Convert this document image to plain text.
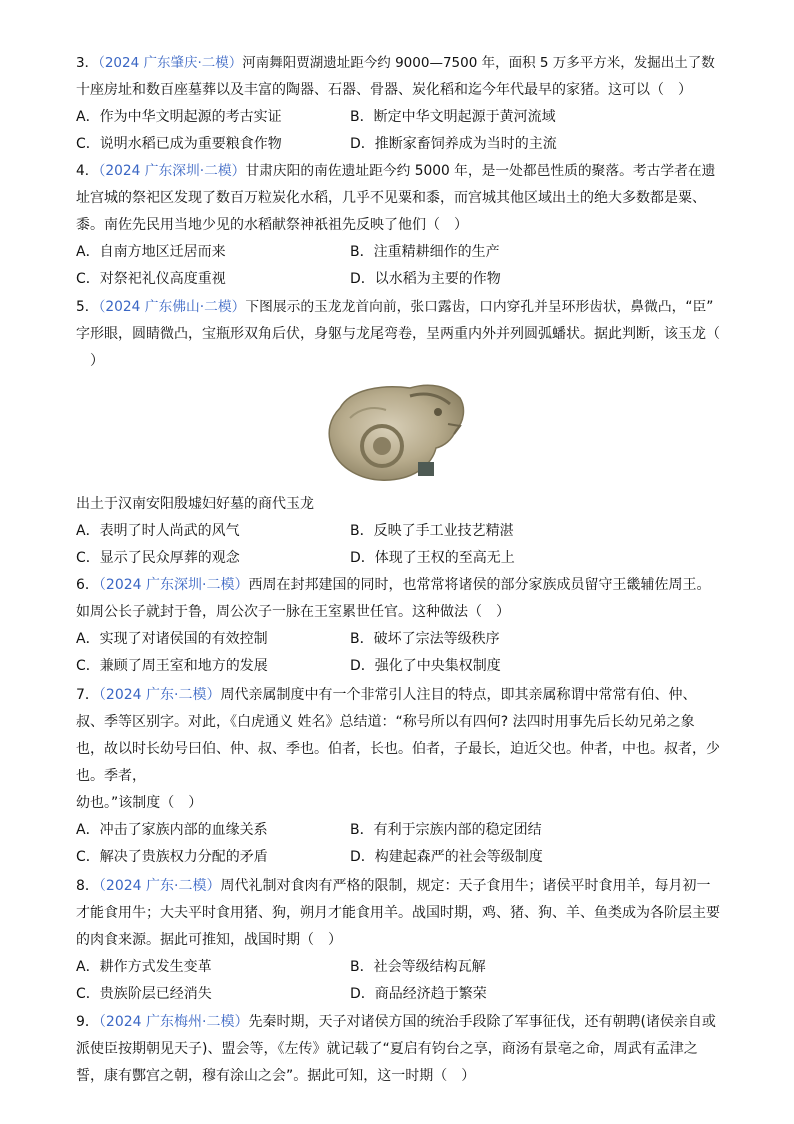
3．（2024 广东肇庆·二模）河南舞阳贾湖遗址距今约 9000—7500 年，面积 5 万多平方米，发掘出土了数
十座房址和数百座墓葬以及丰富的陶器、石器、骨器、炭化稻和迄今年代最早的家猪。这可以（　）
A．作为中华文明起源的考古实证	B．断定中华文明起源于黄河流域
C．说明水稻已成为重要粮食作物	D．推断家畜饲养成为当时的主流
4．（2024 广东深圳·二模）甘肃庆阳的南佐遗址距今约 5000 年，是一处都邑性质的聚落。考古学者在遗
址宫城的祭祀区发现了数百万粒炭化水稻，几乎不见粟和黍，而宫城其他区域出土的绝大多数都是粟、
黍。南佐先民用当地少见的水稻献祭神祇祖先反映了他们（　）
A．自南方地区迁居而来	B．注重精耕细作的生产
C．对祭祀礼仪高度重视	D．以水稻为主要的作物
5．（2024 广东佛山·二模）下图展示的玉龙龙首向前，张口露齿，口内穿孔并呈环形齿状，鼻微凸，“臣”
字形眼，圆睛微凸，宝瓶形双角后伏，身躯与龙尾弯卷，呈两重内外并列圆弧蟠状。据此判断，该玉龙（
　）
出土于汉南安阳殷墟妇好墓的商代玉龙
A．表明了时人尚武的风气	B．反映了手工业技艺精湛
C．显示了民众厚葬的观念	D．体现了王权的至高无上
6．（2024 广东深圳·二模）西周在封邦建国的同时，也常常将诸侯的部分家族成员留守王畿辅佐周王。
如周公长子就封于鲁，周公次子一脉在王室累世任官。这种做法（　）
A．实现了对诸侯国的有效控制	B．破坏了宗法等级秩序
C．兼顾了周王室和地方的发展	D．强化了中央集权制度
7．（2024 广东·二模）周代亲属制度中有一个非常引人注目的特点，即其亲属称谓中常常有伯、仲、
叔、季等区别字。对此，《白虎通义 姓名》总结道：“称号所以有四何? 法四时用事先后长幼兄弟之象
也，故以时长幼号曰伯、仲、叔、季也。伯者，长也。伯者，子最长，迫近父也。仲者，中也。叔者，少
也。季者，
幼也。”该制度（　）
A．冲击了家族内部的血缘关系	B．有利于宗族内部的稳定团结
C．解决了贵族权力分配的矛盾	D．构建起森严的社会等级制度
8．（2024 广东·二模）周代礼制对食肉有严格的限制，规定：天子食用牛；诸侯平时食用羊，每月初一
才能食用牛；大夫平时食用猪、狗，朔月才能食用羊。战国时期，鸡、猪、狗、羊、鱼类成为各阶层主要
的肉食来源。据此可推知，战国时期（　）
A．耕作方式发生变革	B．社会等级结构瓦解
C．贵族阶层已经消失	D．商品经济趋于繁荣
9．（2024 广东梅州·二模）先秦时期，天子对诸侯方国的统治手段除了军事征伐，还有朝聘(诸侯亲自或
派使臣按期朝见天子)、盟会等，《左传》就记载了“夏启有钧台之享，商汤有景亳之命，周武有孟津之
誓，康有酆宫之朝，穆有涂山之会”。据此可知，这一时期（　）
